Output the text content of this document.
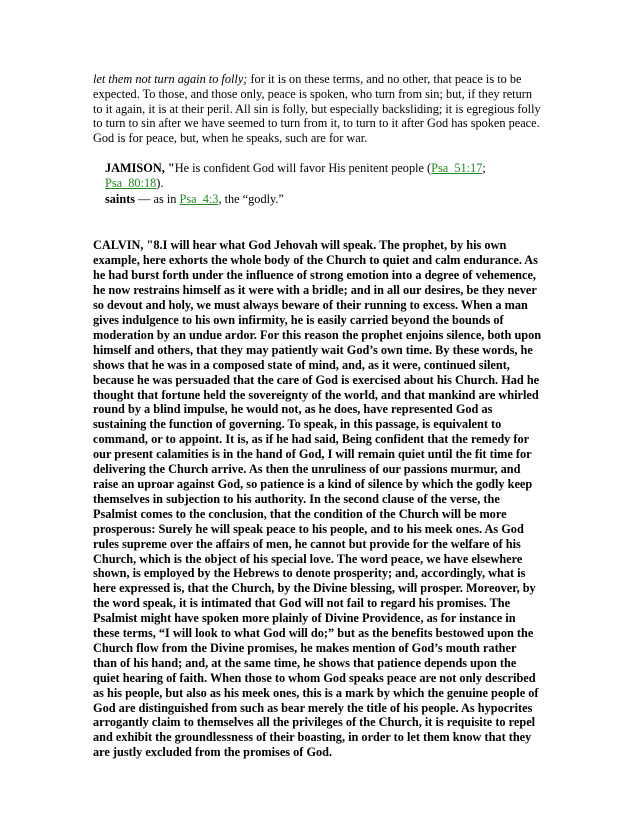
let them not turn again to folly; for it is on these terms, and no other, that peace is to be expected. To those, and those only, peace is spoken, who turn from sin; but, if they return to it again, it is at their peril. All sin is folly, but especially backsliding; it is egregious folly to turn to sin after we have seemed to turn from it, to turn to it after God has spoken peace. God is for peace, but, when he speaks, such are for war.

JAMISON, "He is confident God will favor His penitent people (Psa_51:17; Psa_80:18).

saints — as in Psa_4:3, the “godly.”

CALVIN, "8.I will hear what God Jehovah will speak. The prophet, by his own example, here exhorts the whole body of the Church to quiet and calm endurance. As he had burst forth under the influence of strong emotion into a degree of vehemence, he now restrains himself as it were with a bridle; and in all our desires, be they never so devout and holy, we must always beware of their running to excess. When a man gives indulgence to his own infirmity, he is easily carried beyond the bounds of moderation by an undue ardor. For this reason the prophet enjoins silence, both upon himself and others, that they may patiently wait God’s own time. By these words, he shows that he was in a composed state of mind, and, as it were, continued silent, because he was persuaded that the care of God is exercised about his Church. Had he thought that fortune held the sovereignty of the world, and that mankind are whirled round by a blind impulse, he would not, as he does, have represented God as sustaining the function of governing. To speak, in this passage, is equivalent to command, or to appoint. It is, as if he had said, Being confident that the remedy for our present calamities is in the hand of God, I will remain quiet until the fit time for delivering the Church arrive. As then the unruliness of our passions murmur, and raise an uproar against God, so patience is a kind of silence by which the godly keep themselves in subjection to his authority. In the second clause of the verse, the Psalmist comes to the conclusion, that the condition of the Church will be more prosperous: Surely he will speak peace to his people, and to his meek ones. As God rules supreme over the affairs of men, he cannot but provide for the welfare of his Church, which is the object of his special love. The word peace, we have elsewhere shown, is employed by the Hebrews to denote prosperity; and, accordingly, what is here expressed is, that the Church, by the Divine blessing, will prosper. Moreover, by the word speak, it is intimated that God will not fail to regard his promises. The Psalmist might have spoken more plainly of Divine Providence, as for instance in these terms, “I will look to what God will do;” but as the benefits bestowed upon the Church flow from the Divine promises, he makes mention of God’s mouth rather than of his hand; and, at the same time, he shows that patience depends upon the quiet hearing of faith. When those to whom God speaks peace are not only described as his people, but also as his meek ones, this is a mark by which the genuine people of God are distinguished from such as bear merely the title of his people. As hypocrites arrogantly claim to themselves all the privileges of the Church, it is requisite to repel and exhibit the groundlessness of their boasting, in order to let them know that they are justly excluded from the promises of God.
